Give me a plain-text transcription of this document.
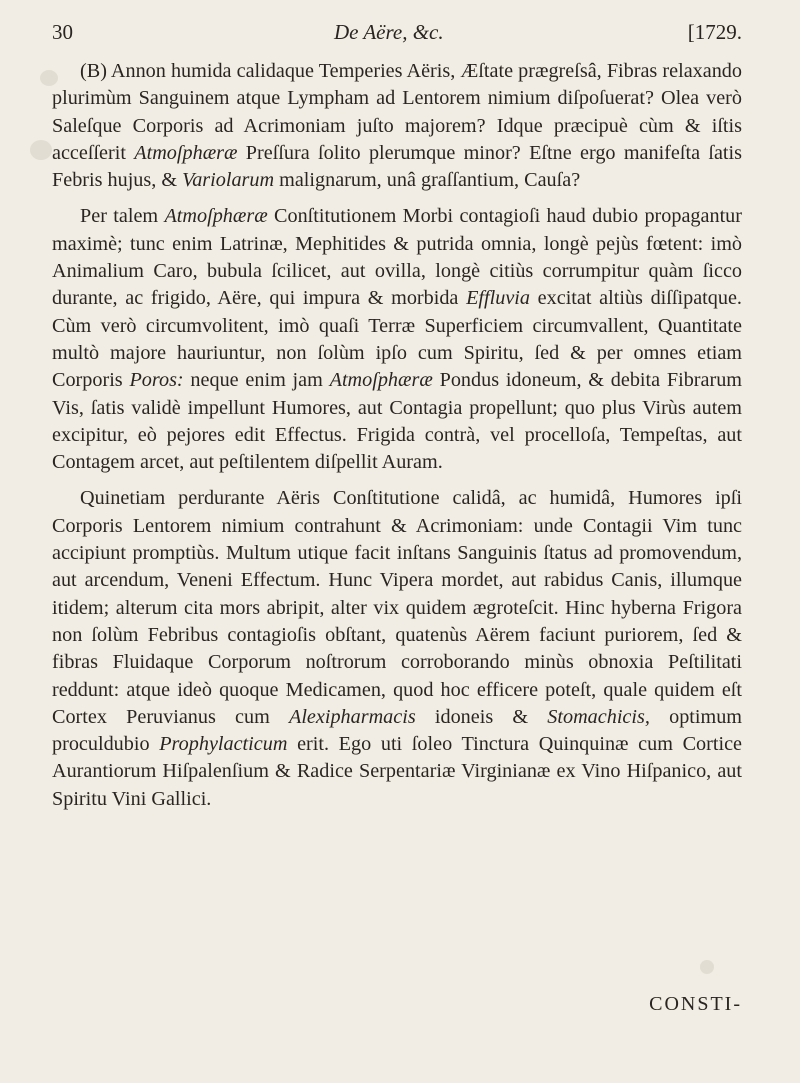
30	De Aëre, &c.	[1729.

(B) Annon humida calidaque Temperies Aëris, Æſtate prægreſsâ, Fibras relaxando plurimùm Sanguinem atque Lympham ad Lentorem nimium diſpoſuerat? Olea verò Saleſque Corporis ad Acrimoniam juſto majorem? Idque præcipuè cùm & iſtis acceſſerit Atmoſphæræ Preſſura ſolito plerumque minor? Eſtne ergo manifeſta ſatis Febris hujus, & Variolarum malignarum, unâ graſſantium, Cauſa?

Per talem Atmoſphæræ Conſtitutionem Morbi contagioſi haud dubio propagantur maximè; tunc enim Latrinæ, Mephitides & putrida omnia, longè pejùs fœtent: imò Animalium Caro, bubula ſcilicet, aut ovilla, longè citiùs corrumpitur quàm ſicco durante, ac frigido, Aëre, qui impura & morbida Effluvia excitat altiùs diſſipatque. Cùm verò circumvolitent, imò quaſi Terræ Superficiem circumvallent, Quantitate multò majore hauriuntur, non ſolùm ipſo cum Spiritu, ſed & per omnes etiam Corporis Poros: neque enim jam Atmoſphæræ Pondus idoneum, & debita Fibrarum Vis, ſatis validè impellunt Humores, aut Contagia propellunt; quo plus Virùs autem excipitur, eò pejores edit Effectus. Frigida contrà, vel procelloſa, Tempeſtas, aut Contagem arcet, aut peſtilentem diſpellit Auram.

Quinetiam perdurante Aëris Conſtitutione calidâ, ac humidâ, Humores ipſi Corporis Lentorem nimium contrahunt & Acrimoniam: unde Contagii Vim tunc accipiunt promptiùs. Multum utique facit inſtans Sanguinis ſtatus ad promovendum, aut arcendum, Veneni Effectum. Hunc Vipera mordet, aut rabidus Canis, illumque itidem; alterum cita mors abripit, alter vix quidem ægroteſcit. Hinc hyberna Frigora non ſolùm Febribus contagioſis obſtant, quatenùs Aërem faciunt puriorem, ſed & fibras Fluidaque Corporum noſtrorum corroborando minùs obnoxia Peſtilitati reddunt: atque ideò quoque Medicamen, quod hoc efficere poteſt, quale quidem eſt Cortex Peruvianus cum Alexipharmacis idoneis & Stomachicis, optimum proculdubio Prophylacticum erit. Ego uti ſoleo Tinctura Quinquinæ cum Cortice Aurantiorum Hiſpalenſium & Radice Serpentariæ Virginianæ ex Vino Hiſpanico, aut Spiritu Vini Gallici.

CONSTI-
